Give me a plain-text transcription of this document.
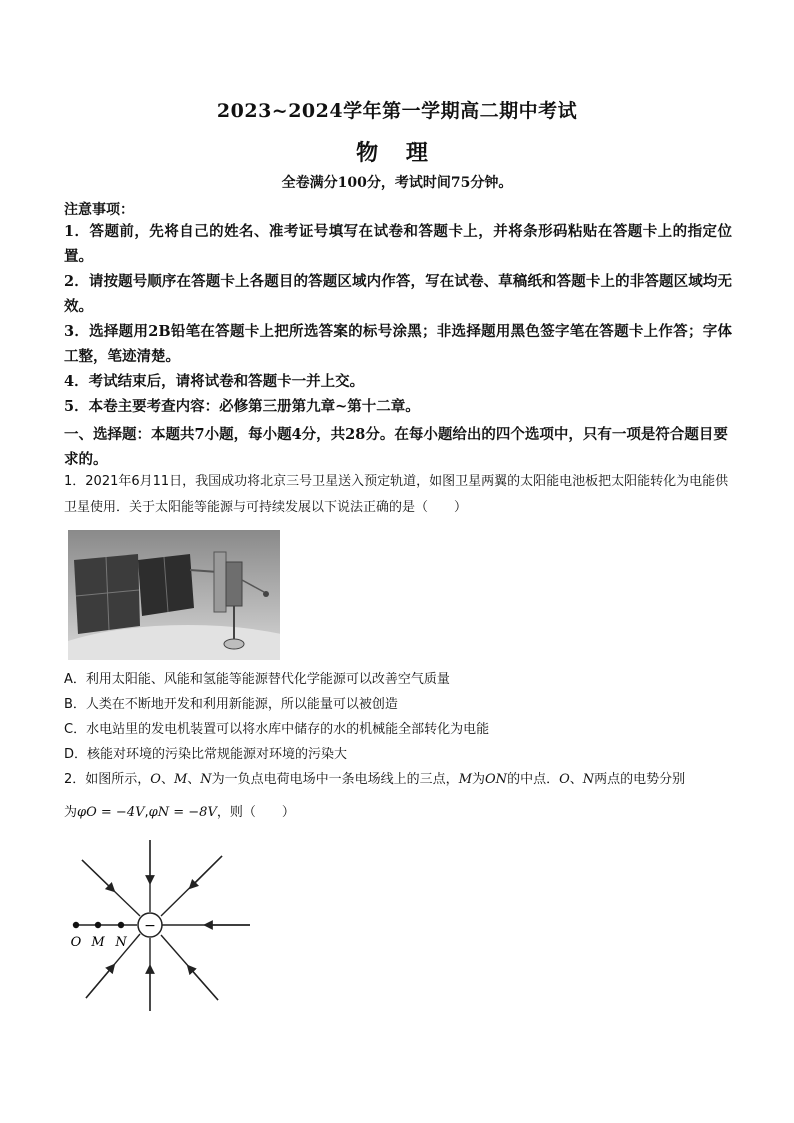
2023~2024学年第一学期高二期中考试
物 理
全卷满分100分，考试时间75分钟。
注意事项：
1．答题前，先将自己的姓名、准考证号填写在试卷和答题卡上，并将条形码粘贴在答题卡上的指定位置。
2．请按题号顺序在答题卡上各题目的答题区域内作答，写在试卷、草稿纸和答题卡上的非答题区域均无效。
3．选择题用2B铅笔在答题卡上把所选答案的标号涂黑；非选择题用黑色签字笔在答题卡上作答；字体工整，笔迹清楚。
4．考试结束后，请将试卷和答题卡一并上交。
5．本卷主要考查内容：必修第三册第九章~第十二章。
一、选择题：本题共7小题，每小题4分，共28分。在每小题给出的四个选项中，只有一项是符合题目要求的。
1．2021年6月11日，我国成功将北京三号卫星送入预定轨道，如图卫星两翼的太阳能电池板把太阳能转化为电能供卫星使用．关于太阳能等能源与可持续发展以下说法正确的是（　　）
A．利用太阳能、风能和氢能等能源替代化学能源可以改善空气质量
B．人类在不断地开发和利用新能源，所以能量可以被创造
C．水电站里的发电机装置可以将水库中储存的水的机械能全部转化为电能
D．核能对环境的污染比常规能源对环境的污染大
2．如图所示，O、M、N为一负点电荷电场中一条电场线上的三点，M为ON的中点．O、N两点的电势分别
为φO = −4V,φN = −8V，则（　　）
−
O M N
